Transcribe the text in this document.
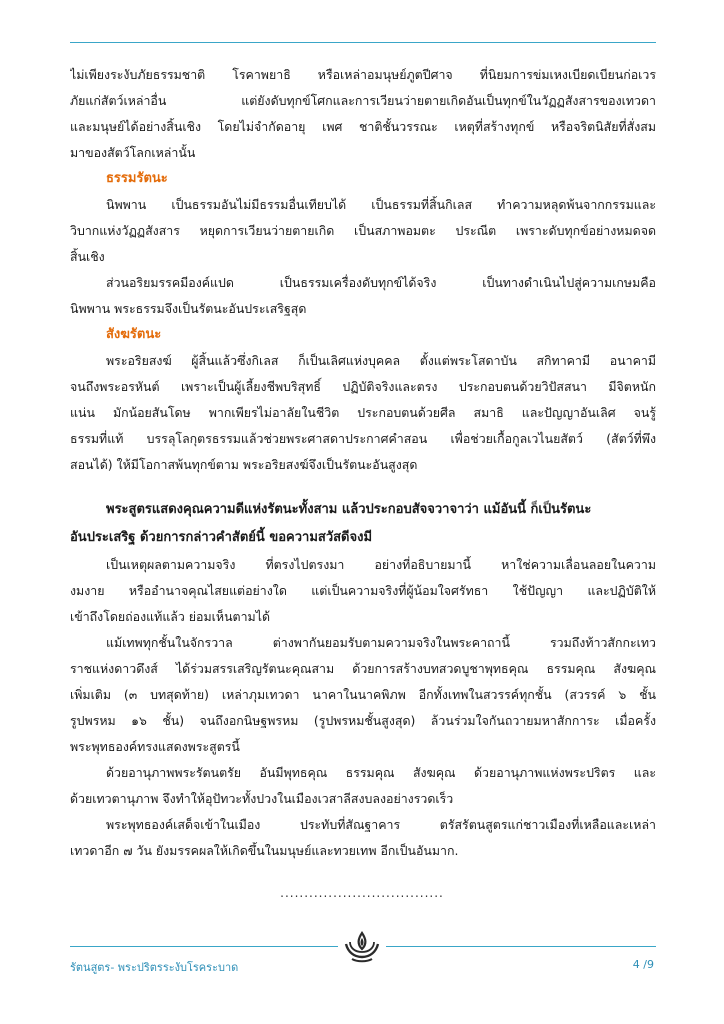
ไม่เพียงระงับภัยธรรมชาติ โรคาพยาธิ หรือเหล่าอมนุษย์ภูตปีศาจ ที่นิยมการข่มเหงเบียดเบียนก่อเวร
ภัยแก่สัตว์เหล่าอื่น แต่ยังดับทุกข์โศกและการเวียนว่ายตายเกิดอันเป็นทุกข์ในวัฏฏสังสารของเทวดา
และมนุษย์ได้อย่างสิ้นเชิง โดยไม่จำกัดอายุ เพศ ชาติชั้นวรรณะ เหตุที่สร้างทุกข์ หรือจริตนิสัยที่สั่งสม
มาของสัตว์โลกเหล่านั้น
ธรรมรัตนะ
นิพพาน เป็นธรรมอันไม่มีธรรมอื่นเทียบได้ เป็นธรรมที่สิ้นกิเลส ทำความหลุดพ้นจากกรรมและ
วิบากแห่งวัฏฏสังสาร หยุดการเวียนว่ายตายเกิด เป็นสภาพอมตะ ประณีต เพราะดับทุกข์อย่างหมดจด
สิ้นเชิง
ส่วนอริยมรรคมีองค์แปด เป็นธรรมเครื่องดับทุกข์ได้จริง เป็นทางดำเนินไปสู่ความเกษมคือ
นิพพาน พระธรรมจึงเป็นรัตนะอันประเสริฐสุด
สังฆรัตนะ
พระอริยสงฆ์ ผู้สิ้นแล้วซึ่งกิเลส ก็เป็นเลิศแห่งบุคคล ตั้งแต่พระโสดาบัน สกิทาคามี อนาคามี
จนถึงพระอรหันต์ เพราะเป็นผู้เลี้ยงชีพบริสุทธิ์ ปฏิบัติจริงและตรง ประกอบตนด้วยวิปัสสนา มีจิตหนัก
แน่น มักน้อยสันโดษ พากเพียรไม่อาลัยในชีวิต ประกอบตนด้วยศีล สมาธิ และปัญญาอันเลิศ จนรู้
ธรรมที่แท้ บรรลุโลกุตรธรรมแล้วช่วยพระศาสดาประกาศคำสอน เพื่อช่วยเกื้อกูลเวไนยสัตว์ (สัตว์ที่พึง
สอนได้) ให้มีโอกาสพ้นทุกข์ตาม พระอริยสงฆ์จึงเป็นรัตนะอันสูงสุด
พระสูตรแสดงคุณความดีแห่งรัตนะทั้งสาม แล้วประกอบสัจจวาจาว่า แม้อันนี้ ก็เป็นรัตนะ
อันประเสริฐ ด้วยการกล่าวคำสัตย์นี้ ขอความสวัสดีจงมี
เป็นเหตุผลตามความจริง ที่ตรงไปตรงมา อย่างที่อธิบายมานี้ หาใช่ความเลื่อนลอยในความ
งมงาย หรืออำนาจคุณไสยแต่อย่างใด แต่เป็นความจริงที่ผู้น้อมใจศรัทธา ใช้ปัญญา และปฏิบัติให้
เข้าถึงโดยถ่องแท้แล้ว ย่อมเห็นตามได้
แม้เทพทุกชั้นในจักรวาล ต่างพากันยอมรับตามความจริงในพระคาถานี้ รวมถึงท้าวสักกะเทว
ราชแห่งดาวดึงส์ ได้ร่วมสรรเสริญรัตนะคุณสาม ด้วยการสร้างบทสวดบูชาพุทธคุณ ธรรมคุณ สังฆคุณ
เพิ่มเติม (๓ บทสุดท้าย) เหล่าภุมเทวดา นาคาในนาคพิภพ อีกทั้งเทพในสวรรค์ทุกชั้น (สวรรค์ ๖ ชั้น
รูปพรหม ๑๖ ชั้น) จนถึงอกนิษฐพรหม (รูปพรหมชั้นสูงสุด) ล้วนร่วมใจกันถวายมหาสักการะ เมื่อครั้ง
พระพุทธองค์ทรงแสดงพระสูตรนี้
ด้วยอานุภาพพระรัตนตรัย อันมีพุทธคุณ ธรรมคุณ สังฆคุณ ด้วยอานุภาพแห่งพระปริตร และ
ด้วยเทวตานุภาพ จึงทำให้อุปัทวะทั้งปวงในเมืองเวสาลีสงบลงอย่างรวดเร็ว
พระพุทธองค์เสด็จเข้าในเมือง ประทับที่สัณฐาคาร ตรัสรัตนสูตรแก่ชาวเมืองที่เหลือและเหล่า
เทวดาอีก ๗ วัน ยังมรรคผลให้เกิดขึ้นในมนุษย์และทวยเทพ อีกเป็นอันมาก.
..................................
รัตนสูตร- พระปริตรระงับโรคระบาด	4 /9
